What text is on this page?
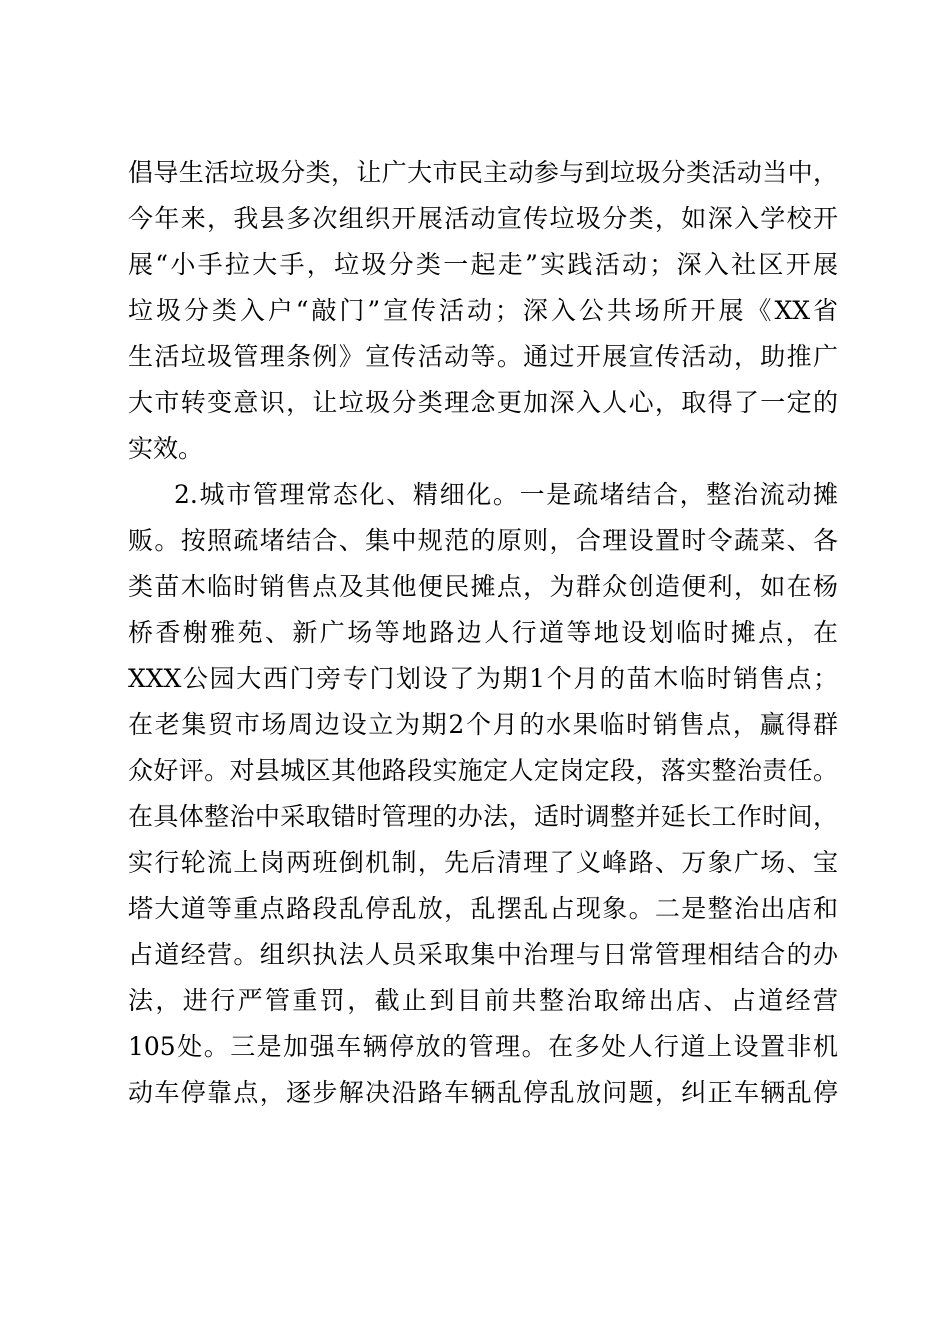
倡导生活垃圾分类，让广大市民主动参与到垃圾分类活动当中，
今年来，我县多次组织开展活动宣传垃圾分类，如深入学校开
展“小手拉大手，垃圾分类一起走”实践活动；深入社区开展
垃圾分类入户“敲门”宣传活动；深入公共场所开展《XX省
生活垃圾管理条例》宣传活动等。通过开展宣传活动，助推广
大市转变意识，让垃圾分类理念更加深入人心，取得了一定的
实效。
2.城市管理常态化、精细化。一是疏堵结合，整治流动摊
贩。按照疏堵结合、集中规范的原则，合理设置时令蔬菜、各
类苗木临时销售点及其他便民摊点，为群众创造便利，如在杨
桥香榭雅苑、新广场等地路边人行道等地设划临时摊点，在
XXX公园大西门旁专门划设了为期1个月的苗木临时销售点；
在老集贸市场周边设立为期2个月的水果临时销售点，赢得群
众好评。对县城区其他路段实施定人定岗定段，落实整治责任。
在具体整治中采取错时管理的办法，适时调整并延长工作时间，
实行轮流上岗两班倒机制，先后清理了义峰路、万象广场、宝
塔大道等重点路段乱停乱放，乱摆乱占现象。二是整治出店和
占道经营。组织执法人员采取集中治理与日常管理相结合的办
法，进行严管重罚，截止到目前共整治取缔出店、占道经营
105处。三是加强车辆停放的管理。在多处人行道上设置非机
动车停靠点，逐步解决沿路车辆乱停乱放问题，纠正车辆乱停
